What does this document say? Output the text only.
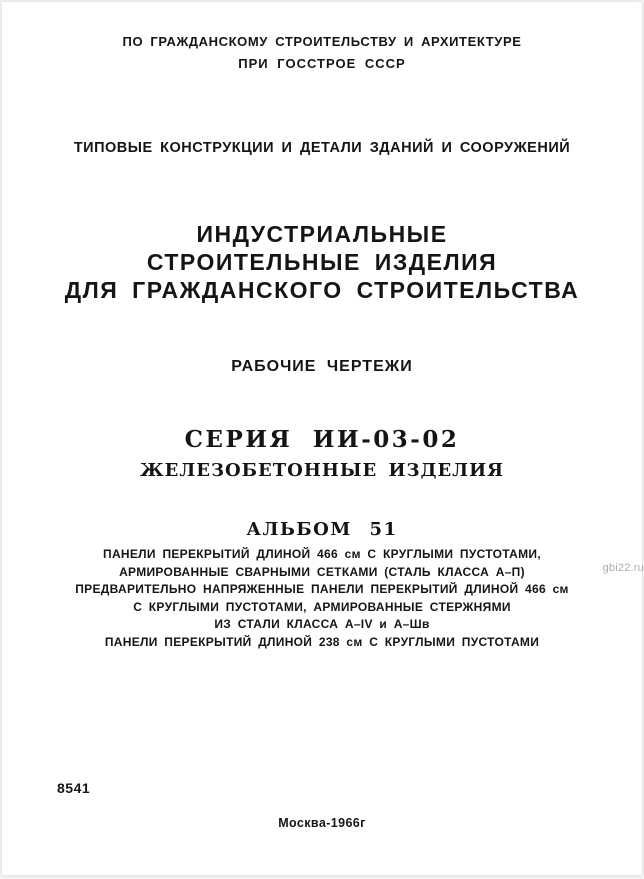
ПО ГРАЖДАНСКОМУ СТРОИТЕЛЬСТВУ И АРХИТЕКТУРЕ
ПРИ ГОССТРОЕ СССР
ТИПОВЫЕ КОНСТРУКЦИИ И ДЕТАЛИ ЗДАНИЙ И СООРУЖЕНИЙ
ИНДУСТРИАЛЬНЫЕ
СТРОИТЕЛЬНЫЕ ИЗДЕЛИЯ
ДЛЯ ГРАЖДАНСКОГО СТРОИТЕЛЬСТВА
РАБОЧИЕ ЧЕРТЕЖИ
СЕРИЯ ИИ-03-02
ЖЕЛЕЗОБЕТОННЫЕ ИЗДЕЛИЯ
АЛЬБОМ 51
ПАНЕЛИ ПЕРЕКРЫТИЙ ДЛИНОЙ 466 см С КРУГЛЫМИ ПУСТОТАМИ,
АРМИРОВАННЫЕ СВАРНЫМИ СЕТКАМИ (СТАЛЬ КЛАССА А–П)
ПРЕДВАРИТЕЛЬНО НАПРЯЖЕННЫЕ ПАНЕЛИ ПЕРЕКРЫТИЙ ДЛИНОЙ 466 см
С КРУГЛЫМИ ПУСТОТАМИ, АРМИРОВАННЫЕ СТЕРЖНЯМИ
ИЗ СТАЛИ КЛАССА А–IV и А–Шв
ПАНЕЛИ ПЕРЕКРЫТИЙ ДЛИНОЙ 238 см С КРУГЛЫМИ ПУСТОТАМИ
gbi22.ru
8541
Москва-1966г
